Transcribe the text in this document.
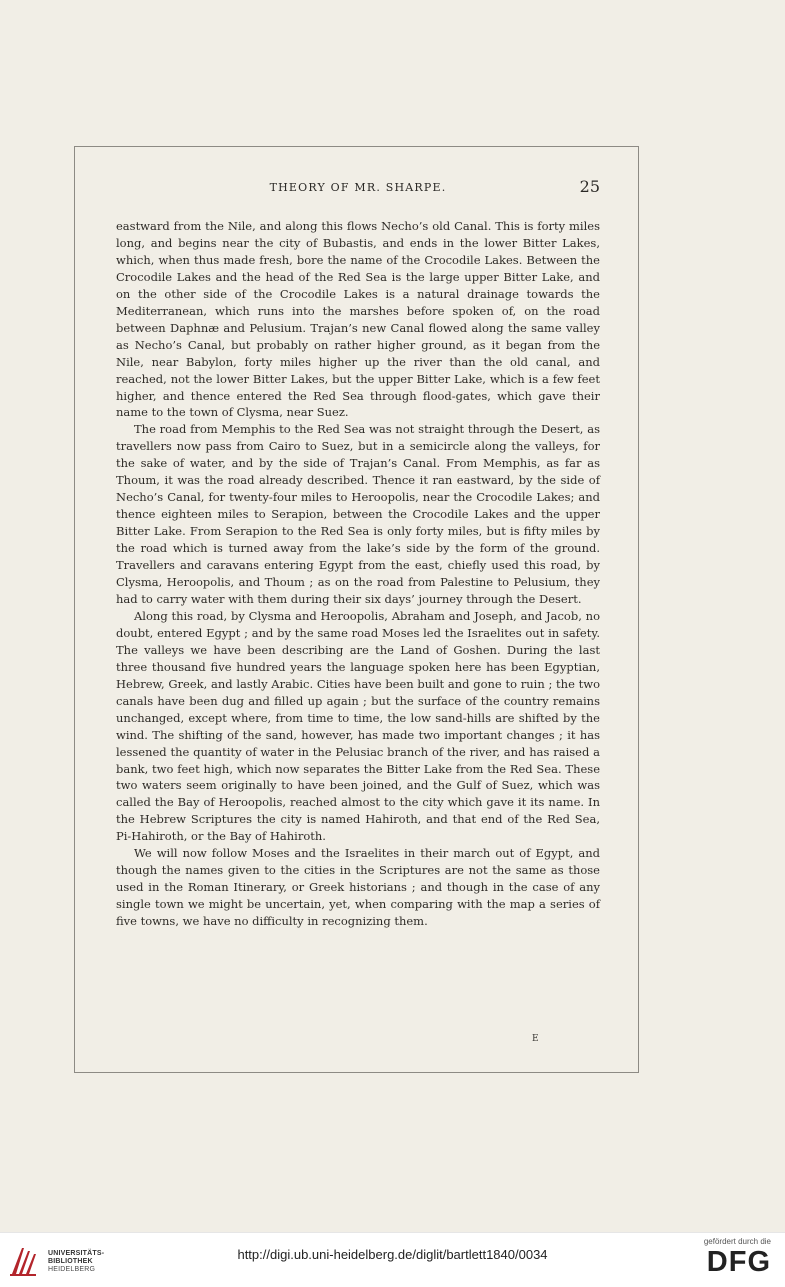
THEORY OF MR. SHARPE.	25

eastward from the Nile, and along this flows Necho’s old Canal. This is forty miles long, and begins near the city of Bubastis, and ends in the lower Bitter Lakes, which, when thus made fresh, bore the name of the Crocodile Lakes. Between the Crocodile Lakes and the head of the Red Sea is the large upper Bitter Lake, and on the other side of the Crocodile Lakes is a natural drainage towards the Mediterranean, which runs into the marshes before spoken of, on the road between Daphnæ and Pelusium. Trajan’s new Canal flowed along the same valley as Necho’s Canal, but probably on rather higher ground, as it began from the Nile, near Babylon, forty miles higher up the river than the old canal, and reached, not the lower Bitter Lakes, but the upper Bitter Lake, which is a few feet higher, and thence entered the Red Sea through flood-gates, which gave their name to the town of Clysma, near Suez.

The road from Memphis to the Red Sea was not straight through the Desert, as travellers now pass from Cairo to Suez, but in a semicircle along the valleys, for the sake of water, and by the side of Trajan’s Canal. From Memphis, as far as Thoum, it was the road already described. Thence it ran eastward, by the side of Necho’s Canal, for twenty-four miles to Heroopolis, near the Crocodile Lakes; and thence eighteen miles to Serapion, between the Crocodile Lakes and the upper Bitter Lake. From Serapion to the Red Sea is only forty miles, but is fifty miles by the road which is turned away from the lake’s side by the form of the ground. Travellers and caravans entering Egypt from the east, chiefly used this road, by Clysma, Heroopolis, and Thoum ; as on the road from Palestine to Pelusium, they had to carry water with them during their six days’ journey through the Desert.

Along this road, by Clysma and Heroopolis, Abraham and Joseph, and Jacob, no doubt, entered Egypt ; and by the same road Moses led the Israelites out in safety. The valleys we have been describing are the Land of Goshen. During the last three thousand five hundred years the language spoken here has been Egyptian, Hebrew, Greek, and lastly Arabic. Cities have been built and gone to ruin ; the two canals have been dug and filled up again ; but the surface of the country remains unchanged, except where, from time to time, the low sand-hills are shifted by the wind. The shifting of the sand, however, has made two important changes ; it has lessened the quantity of water in the Pelusiac branch of the river, and has raised a bank, two feet high, which now separates the Bitter Lake from the Red Sea. These two waters seem originally to have been joined, and the Gulf of Suez, which was called the Bay of Heroopolis, reached almost to the city which gave it its name. In the Hebrew Scriptures the city is named Hahiroth, and that end of the Red Sea, Pi-Hahiroth, or the Bay of Hahiroth.

We will now follow Moses and the Israelites in their march out of Egypt, and though the names given to the cities in the Scriptures are not the same as those used in the Roman Itinerary, or Greek historians ; and though in the case of any single town we might be uncertain, yet, when comparing with the map a series of five towns, we have no difficulty in recognizing them.

E
UNIVERSITÄTS-
BIBLIOTHEK
HEIDELBERG
http://digi.ub.uni-heidelberg.de/diglit/bartlett1840/0034
gefördert durch die
DFG
